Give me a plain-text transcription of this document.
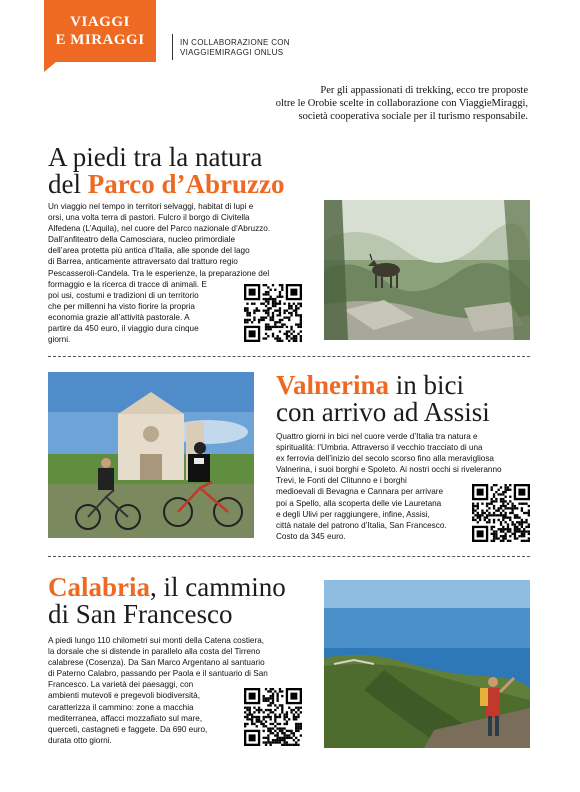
VIAGGI
E MIRAGGI	IN COLLABORAZIONE CON
VIAGGIEMIRAGGI ONLUS
Per gli appassionati di trekking, ecco tre proposte
oltre le Orobie scelte in collaborazione con ViaggieMiraggi,
società cooperativa sociale per il turismo responsabile.
A piedi tra la natura
del Parco d’Abruzzo
Un viaggio nel tempo in territori selvaggi, habitat di lupi e
orsi, una volta terra di pastori. Fulcro il borgo di Civitella
Alfedena (L’Aquila), nel cuore del Parco nazionale d’Abruzzo.
Dall’anfiteatro della Camosciara, nucleo primordiale
dell’area protetta più antica d’Italia, alle sponde del lago
di Barrea, anticamente attraversato dal tratturo regio
Pescasseroli-Candela. Tra le esperienze, la preparazione del
formaggio e la ricerca di tracce di animali. E
poi usi, costumi e tradizioni di un territorio
che per millenni ha visto fiorire la propria
economia grazie all’attività pastorale. A
partire da 450 euro, il viaggio dura cinque
giorni.
Valnerina in bici
con arrivo ad Assisi
Quattro giorni in bici nel cuore verde d’Italia tra natura e
spiritualità: l’Umbria. Attraverso il vecchio tracciato di una
ex ferrovia dell’inizio del secolo scorso fino alla meravigliosa
Valnerina, i suoi borghi e Spoleto. Ai nostri occhi si riveleranno
Trevi, le Fonti del Clitunno e i borghi
medioevali di Bevagna e Cannara per arrivare
poi a Spello, alla scoperta delle vie Lauretana
e degli Ulivi per raggiungere, infine, Assisi,
città natale del patrono d’Italia, San Francesco.
Costo da 345 euro.
Calabria, il cammino
di San Francesco
A piedi lungo 110 chilometri sui monti della Catena costiera,
la dorsale che si distende in parallelo alla costa del Tirreno
calabrese (Cosenza). Da San Marco Argentano al santuario
di Paterno Calabro, passando per Paola e il santuario di San
Francesco. La varietà dei paesaggi, con
ambienti mutevoli e pregevoli biodiversità,
caratterizza il cammino: zone a macchia
mediterranea, affacci mozzafiato sul mare,
querceti, castagneti e faggete. Da 690 euro,
durata otto giorni.
